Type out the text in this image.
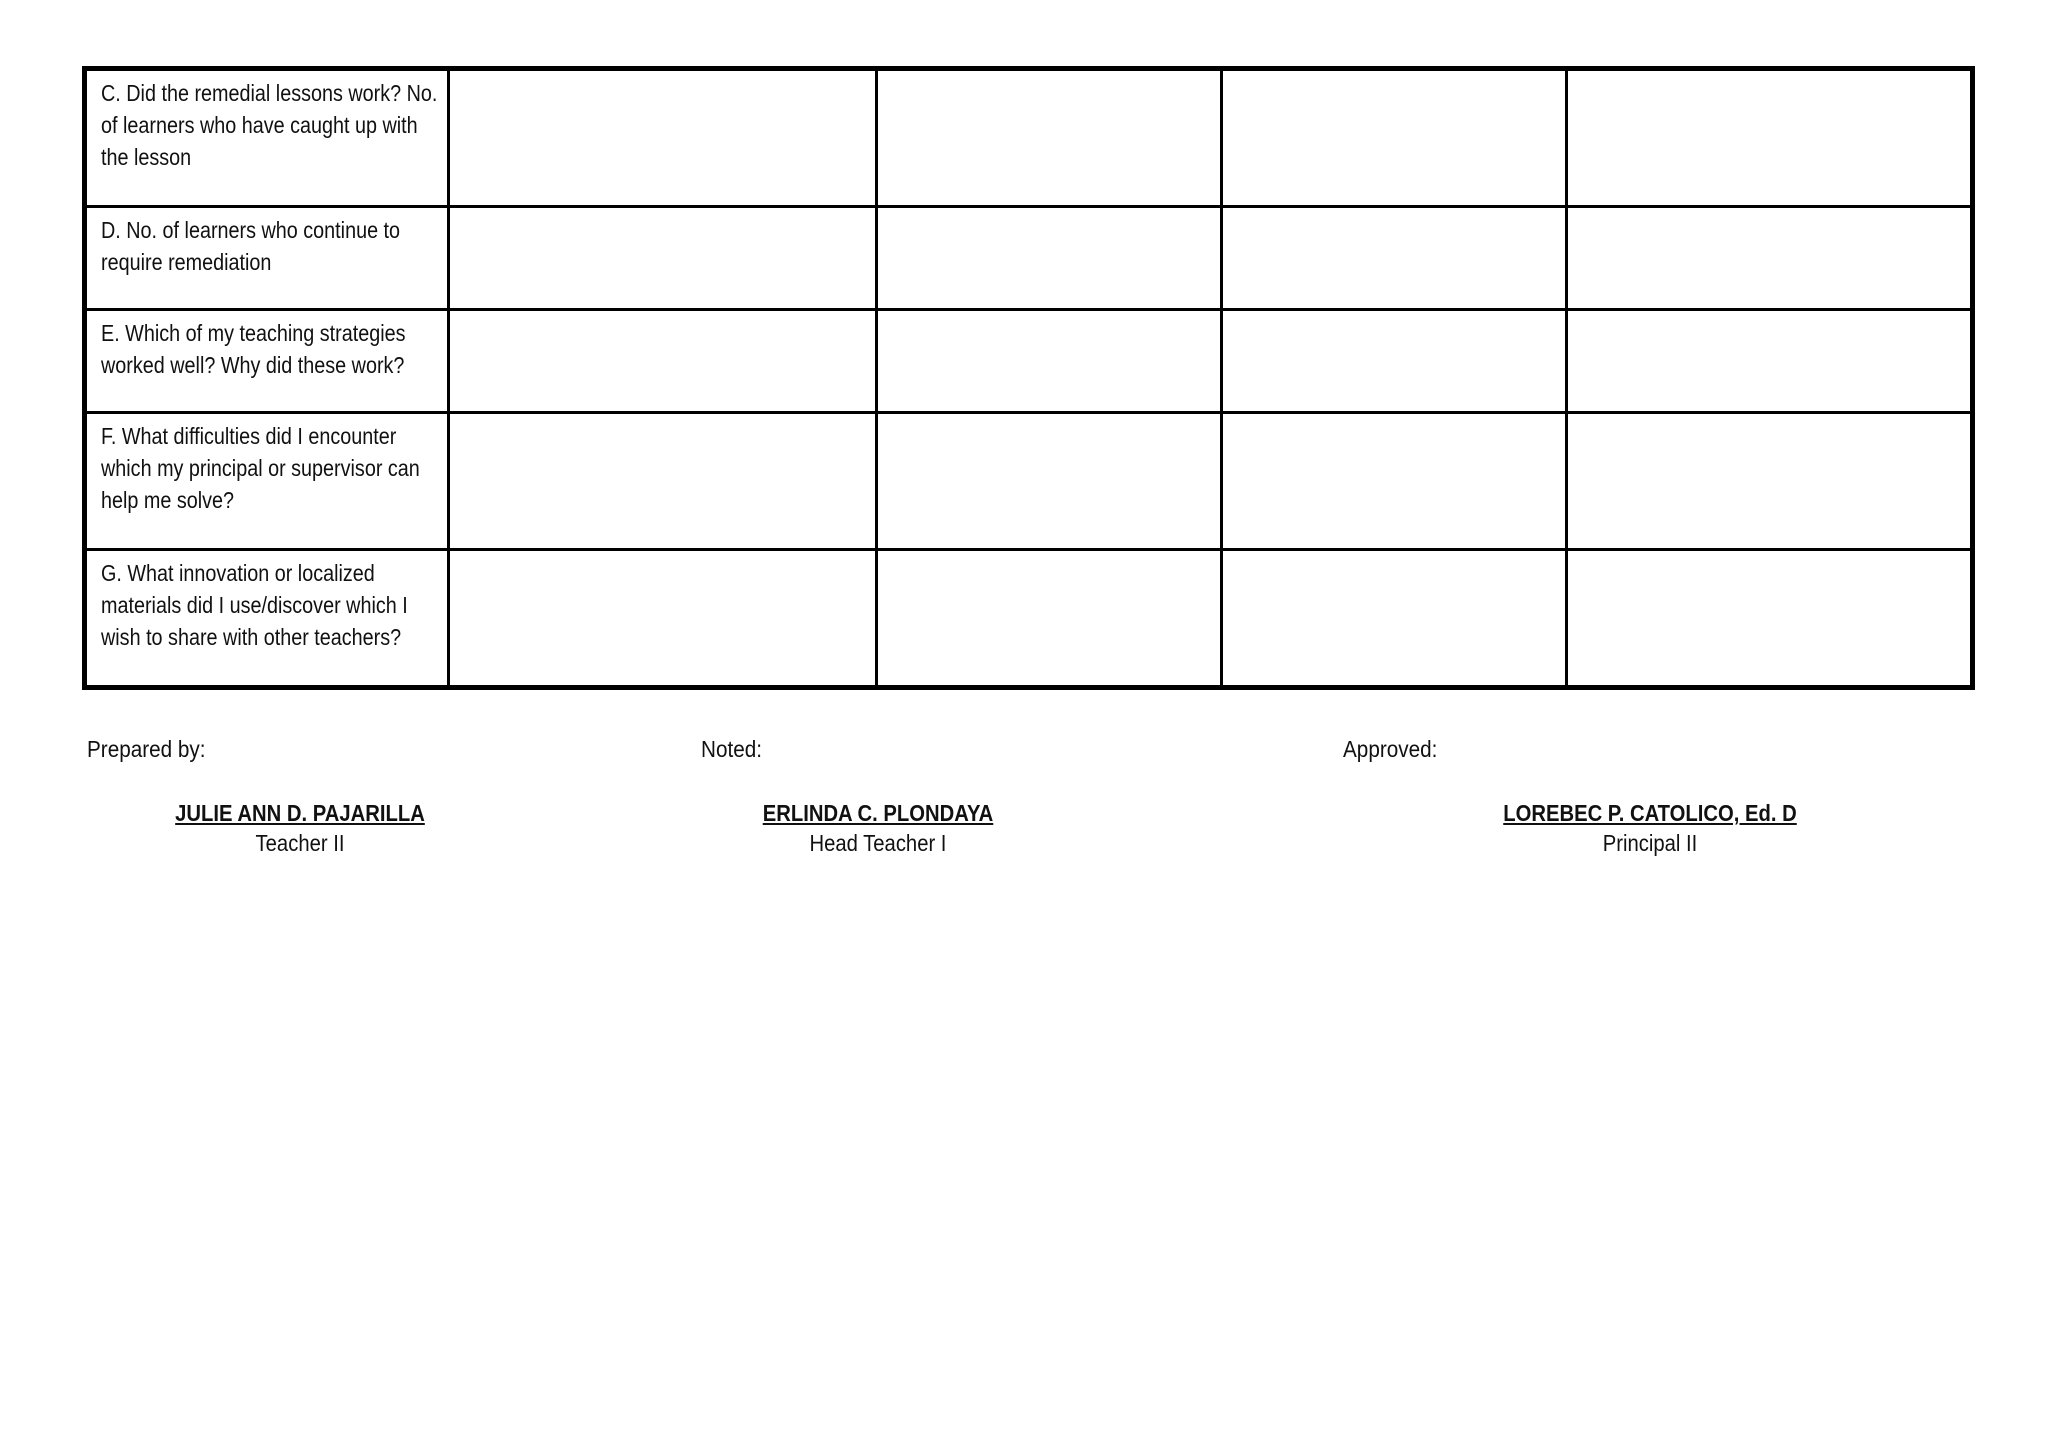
C. Did the remedial lessons work? No. of learners who have caught up with the lesson				

D. No. of learners who continue to require remediation				

E. Which of my teaching strategies worked well? Why did these work?				

F. What difficulties did I encounter which my principal or supervisor can help me solve?				

G. What innovation or localized materials did I use/discover which I wish to share with other teachers?				

Prepared by:	Noted:	Approved:
JULIE ANN D. PAJARILLA
Teacher II
ERLINDA C. PLONDAYA
Head Teacher I
LOREBEC P. CATOLICO, Ed. D
Principal II
